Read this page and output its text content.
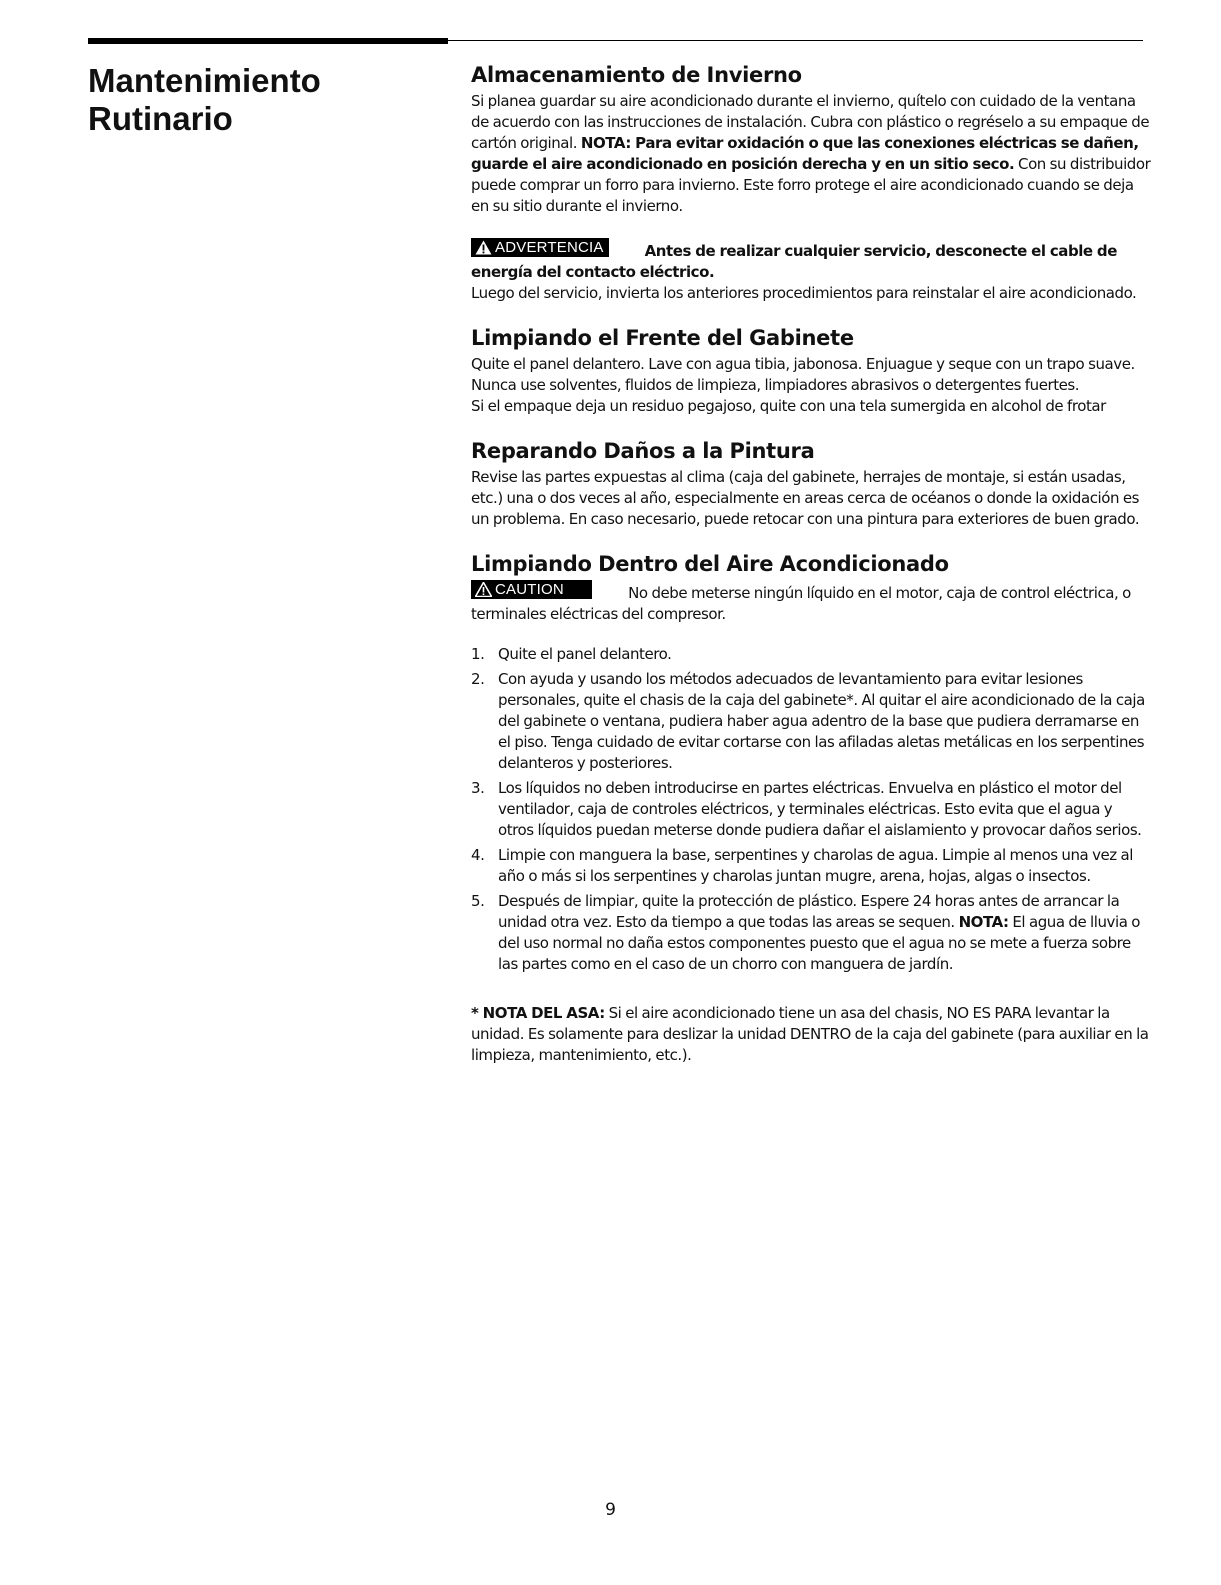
Mantenimiento
Rutinario
Almacenamiento de Invierno

Si planea guardar su aire acondicionado durante el invierno, quítelo con cuidado de la ventana de acuerdo con las instrucciones de instalación. Cubra con plástico o regréselo a su empaque de cartón original. NOTA: Para evitar oxidación o que las conexiones eléctricas se dañen, guarde el aire acondicionado en posición derecha y en un sitio seco. Con su distribuidor puede comprar un forro para invierno. Este forro protege el aire acondicionado cuando se deja en su sitio durante el invierno.

ADVERTENCIA	Antes de realizar cualquier servicio, desconecte el cable de energía del contacto eléctrico.

Luego del servicio, invierta los anteriores procedimientos para reinstalar el aire acondicionado.

Limpiando el Frente del Gabinete

Quite el panel delantero. Lave con agua tibia, jabonosa. Enjuague y seque con un trapo suave. Nunca use solventes, fluidos de limpieza, limpiadores abrasivos o detergentes fuertes.

Si el empaque deja un residuo pegajoso, quite con una tela sumergida en alcohol de frotar

Reparando Daños a la Pintura

Revise las partes expuestas al clima (caja del gabinete, herrajes de montaje, si están usadas, etc.) una o dos veces al año, especialmente en areas cerca de océanos o donde la oxidación es un problema. En caso necesario, puede retocar con una pintura para exteriores de buen grado.

Limpiando Dentro del Aire Acondicionado

CAUTION	No debe meterse ningún líquido en el motor, caja de control eléctrica, o terminales eléctricas del compresor.

1. Quite el panel delantero.
2. Con ayuda y usando los métodos adecuados de levantamiento para evitar lesiones personales, quite el chasis de la caja del gabinete*. Al quitar el aire acondicionado de la caja del gabinete o ventana, pudiera haber agua adentro de la base que pudiera derramarse en el piso. Tenga cuidado de evitar cortarse con las afiladas aletas metálicas en los serpentines delanteros y posteriores.
3. Los líquidos no deben introducirse en partes eléctricas. Envuelva en plástico el motor del ventilador, caja de controles eléctricos, y terminales eléctricas. Esto evita que el agua y otros líquidos puedan meterse donde pudiera dañar el aislamiento y provocar daños serios.
4. Limpie con manguera la base, serpentines y charolas de agua. Limpie al menos una vez al año o más si los serpentines y charolas juntan mugre, arena, hojas, algas o insectos.
5. Después de limpiar, quite la protección de plástico. Espere 24 horas antes de arrancar la unidad otra vez. Esto da tiempo a que todas las areas se sequen. NOTA: El agua de lluvia o del uso normal no daña estos componentes puesto que el agua no se mete a fuerza sobre las partes como en el caso de un chorro con manguera de jardín.

* NOTA DEL ASA: Si el aire acondicionado tiene un asa del chasis, NO ES PARA levantar la unidad. Es solamente para deslizar la unidad DENTRO de la caja del gabinete (para auxiliar en la limpieza, mantenimiento, etc.).

9
